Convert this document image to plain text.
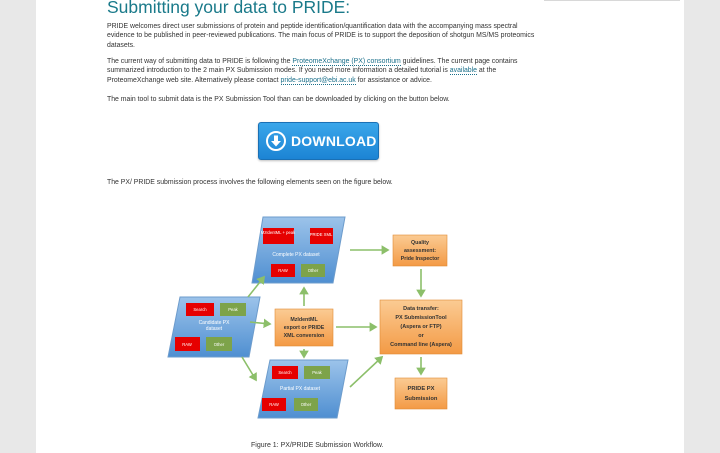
Submitting your data to PRIDE:

PRIDE welcomes direct user submissions of protein and peptide identification/quantification data with the accompanying mass spectral evidence to be published in peer-reviewed publications. The main focus of PRIDE is to support the deposition of shotgun MS/MS proteomics datasets.

The current way of submitting data to PRIDE is following the ProteomeXchange (PX) consortium guidelines. The current page contains summarized introduction to the 2 main PX Submission modes. If you need more information a detailed tutorial is available at the ProteomeXchange web site. Alternatively please contact pride-support@ebi.ac.uk for assistance or advice.

The main tool to submit data is the PX Submission Tool than can be downloaded by clicking on the button below.

DOWNLOAD

The PX/ PRIDE submission process involves the following elements seen on the figure below.

MzIdentML + peak	PRIDE XML
Complete PX dataset
RAW	Other
Search	Peak
Candidate PX
dataset
RAW	Other
Search	Peak
Partial PX dataset
RAW	Other
MzIdentML
export or PRIDE
XML conversion
Quality
assessment:
Pride Inspector
Data transfer:
PX SubmissionTool
(Aspera or FTP)
or
Command line (Aspera)
PRIDE PX
Submission
Figure 1: PX/PRIDE Submission Workflow.
